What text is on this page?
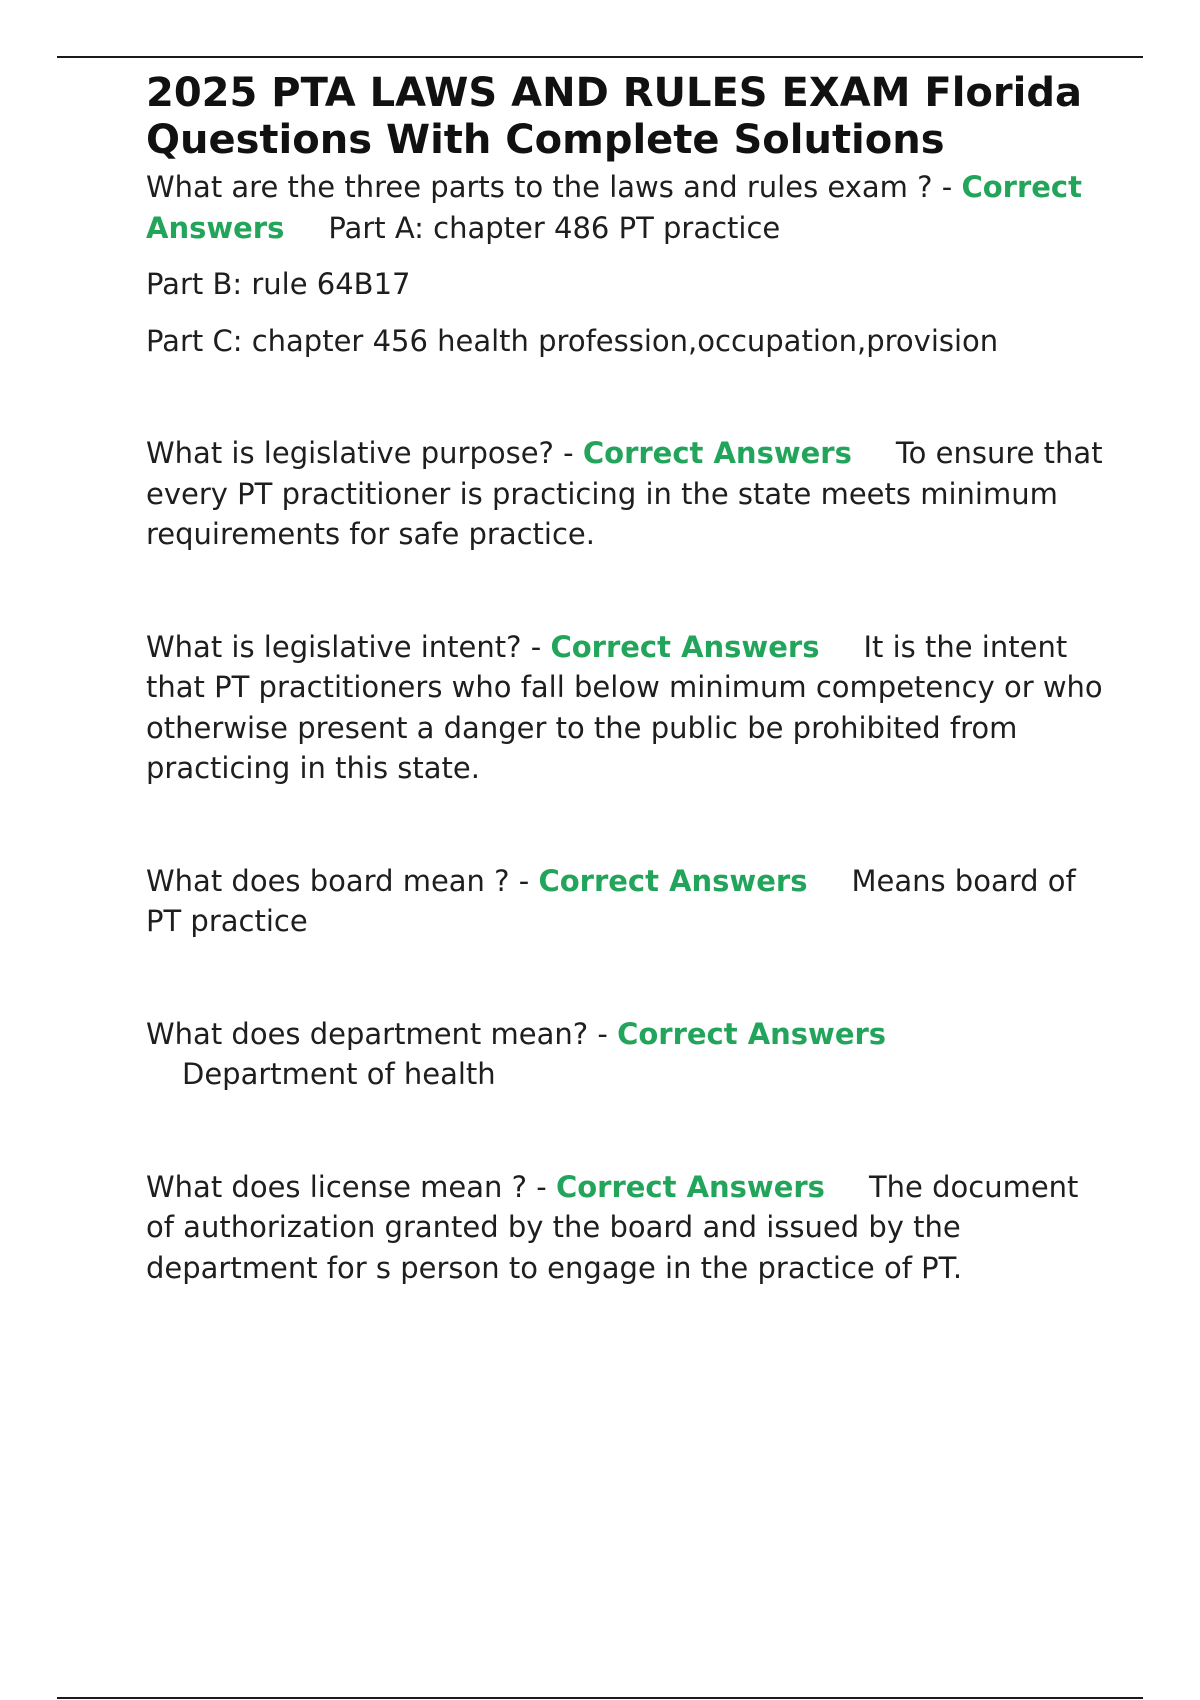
2025 PTA LAWS AND RULES EXAM Florida Questions With Complete Solutions

What are the three parts to the laws and rules exam ? - Correct Answers Part A: chapter 486 PT practice

Part B: rule 64B17

Part C: chapter 456 health profession,occupation,provision

What is legislative purpose? - Correct Answers To ensure that every PT practitioner is practicing in the state meets minimum requirements for safe practice.

What is legislative intent? - Correct Answers It is the intent that PT practitioners who fall below minimum competency or who otherwise present a danger to the public be prohibited from practicing in this state.

What does board mean ? - Correct Answers Means board of PT practice

What does department mean? - Correct Answers
Department of health

What does license mean ? - Correct Answers The document of authorization granted by the board and issued by the department for s person to engage in the practice of PT.
